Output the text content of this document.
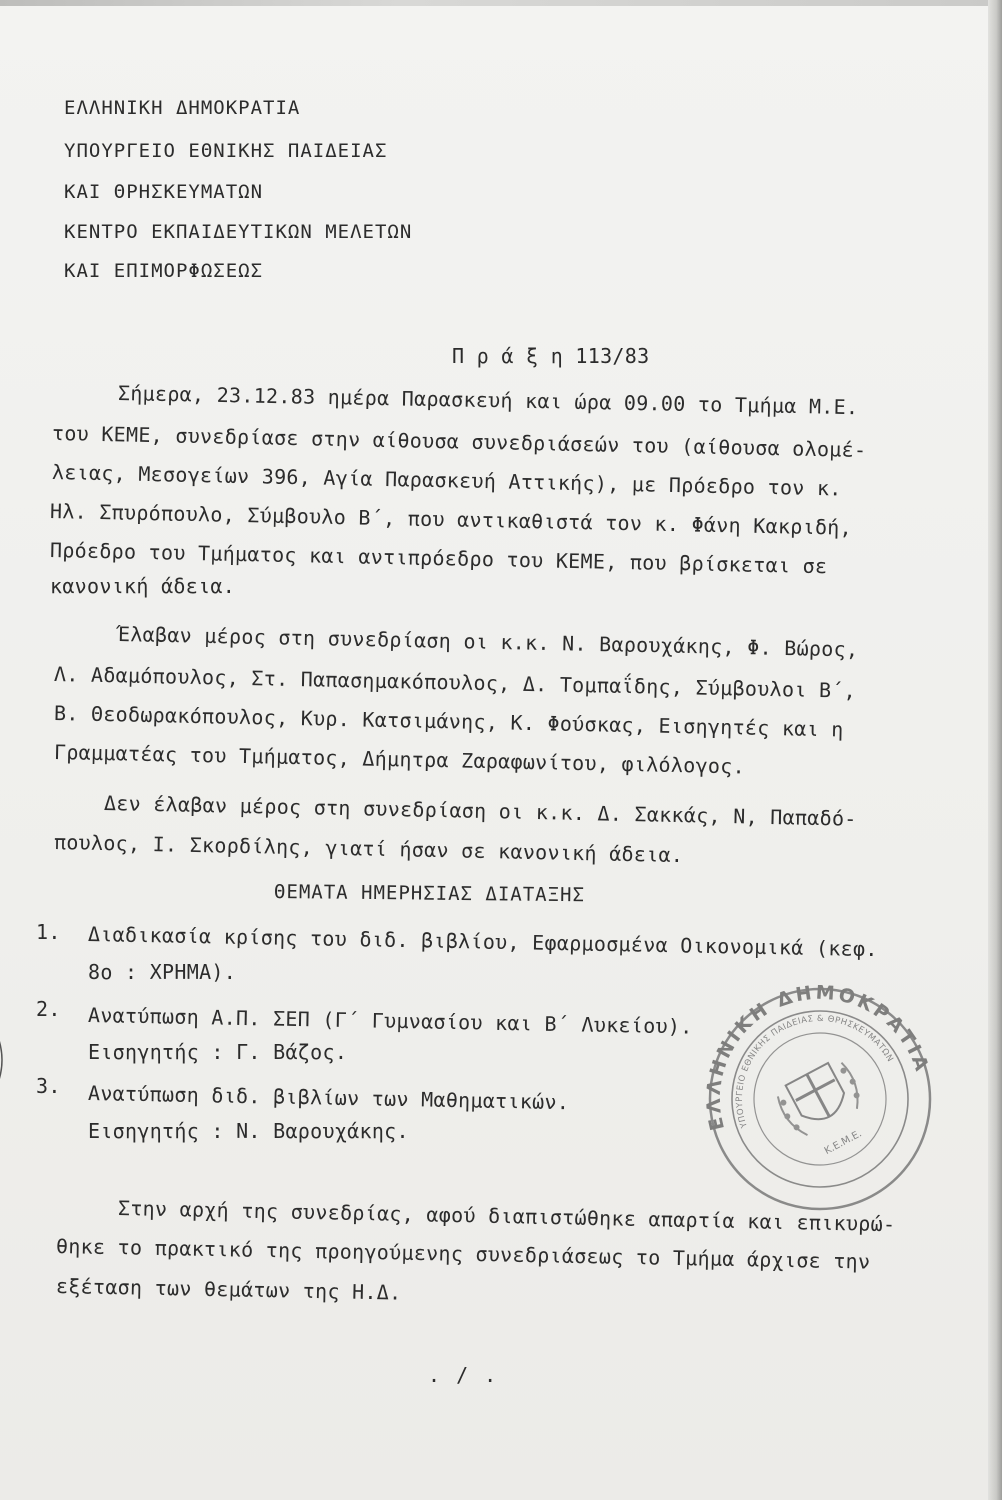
ΕΛΛΗΝΙΚΗ ΔΗΜΟΚΡΑΤΙΑ
ΥΠΟΥΡΓΕΙΟ ΕΘΝΙΚΗΣ ΠΑΙΔΕΙΑΣ
ΚΑΙ ΘΡΗΣΚΕΥΜΑΤΩΝ
ΚΕΝΤΡΟ ΕΚΠΑΙΔΕΥΤΙΚΩΝ ΜΕΛΕΤΩΝ
ΚΑΙ ΕΠΙΜΟΡΦΩΣΕΩΣ
Π ρ ά ξ η 113/83
Σήμερα, 23.12.83 ημέρα Παρασκευή και ώρα 09.00 το Τμήμα Μ.Ε.
του ΚΕΜΕ, συνεδρίασε στην αίθουσα συνεδριάσεών του (αίθουσα ολομέ-
λειας, Μεσογείων 396, Αγία Παρασκευή Αττικής), με Πρόεδρο τον κ.
Ηλ. Σπυρόπουλο, Σύμβουλο Β΄, που αντικαθιστά τον κ. Φάνη Κακριδή,
Πρόεδρο του Τμήματος και αντιπρόεδρο του ΚΕΜΕ, που βρίσκεται σε
κανονική άδεια.
Έλαβαν μέρος στη συνεδρίαση οι κ.κ. Ν. Βαρουχάκης, Φ. Βώρος,
Λ. Αδαμόπουλος, Στ. Παπασημακόπουλος, Δ. Τομπαΐδης, Σύμβουλοι Β΄,
Β. Θεοδωρακόπουλος, Κυρ. Κατσιμάνης, Κ. Φούσκας, Εισηγητές και η
Γραμματέας του Τμήματος, Δήμητρα Ζαραφωνίτου, φιλόλογος.
Δεν έλαβαν μέρος στη συνεδρίαση οι κ.κ. Δ. Σακκάς, Ν, Παπαδό-
πουλος, Ι. Σκορδίλης, γιατί ήσαν σε κανονική άδεια.
ΘΕΜΑΤΑ ΗΜΕΡΗΣΙΑΣ ΔΙΑΤΑΞΗΣ
1. Διαδικασία κρίσης του διδ. βιβλίου, Εφαρμοσμένα Οικονομικά (κεφ.
8ο : ΧΡΗΜΑ).
2. Ανατύπωση Α.Π. ΣΕΠ (Γ΄ Γυμνασίου και Β΄ Λυκείου).
Εισηγητής : Γ. Βάζος.
3. Ανατύπωση διδ. βιβλίων των Μαθηματικών.
Εισηγητής : Ν. Βαρουχάκης.
Στην αρχή της συνεδρίας, αφού διαπιστώθηκε απαρτία και επικυρώ-
θηκε το πρακτικό της προηγούμενης συνεδριάσεως το Τμήμα άρχισε την
εξέταση των θεμάτων της Η.Δ.
. / .
ΕΛΛΗΝΙΚΗ ΔΗΜΟΚΡΑΤΙΑ
ΥΠΟΥΡΓΕΙΟ ΕΘΝΙΚΗΣ ΠΑΙΔΕΙΑΣ & ΘΡΗΣΚΕΥΜΑΤΩΝ
Κ.Ε.Μ.Ε.
